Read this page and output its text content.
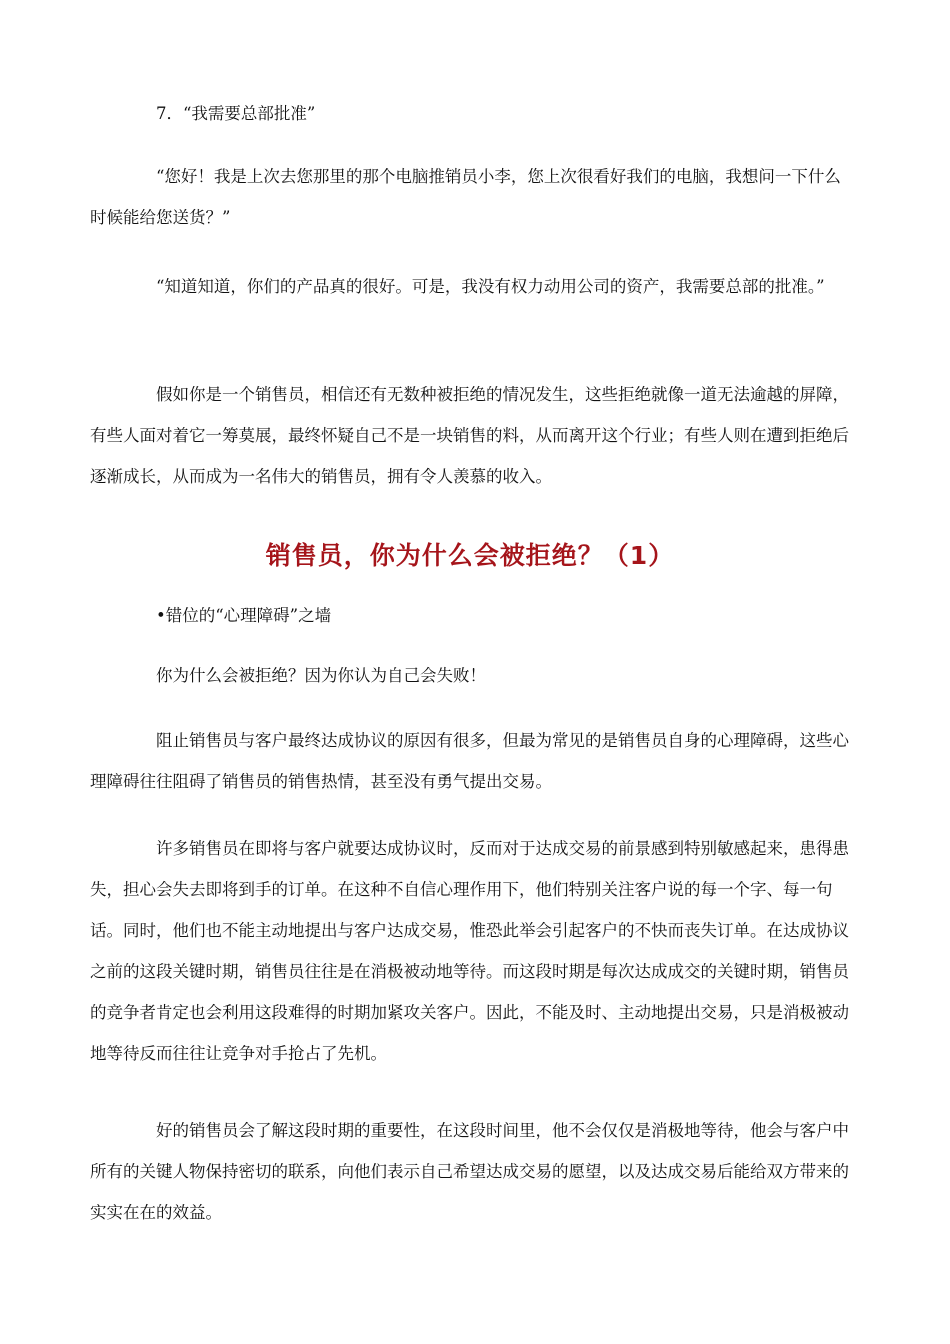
7．“我需要总部批准”

“您好！我是上次去您那里的那个电脑推销员小李，您上次很看好我们的电脑，我想问一下什么时候能给您送货？”

“知道知道，你们的产品真的很好。可是，我没有权力动用公司的资产，我需要总部的批准。”

假如你是一个销售员，相信还有无数种被拒绝的情况发生，这些拒绝就像一道无法逾越的屏障，有些人面对着它一筹莫展，最终怀疑自己不是一块销售的料，从而离开这个行业；有些人则在遭到拒绝后逐渐成长，从而成为一名伟大的销售员，拥有令人羡慕的收入。

销售员，你为什么会被拒绝？（1）

•错位的“心理障碍”之墙

你为什么会被拒绝？因为你认为自己会失败！

阻止销售员与客户最终达成协议的原因有很多，但最为常见的是销售员自身的心理障碍，这些心理障碍往往阻碍了销售员的销售热情，甚至没有勇气提出交易。

许多销售员在即将与客户就要达成协议时，反而对于达成交易的前景感到特别敏感起来，患得患失，担心会失去即将到手的订单。在这种不自信心理作用下，他们特别关注客户说的每一个字、每一句话。同时，他们也不能主动地提出与客户达成交易，惟恐此举会引起客户的不快而丧失订单。在达成协议之前的这段关键时期，销售员往往是在消极被动地等待。而这段时期是每次达成成交的关键时期，销售员的竞争者肯定也会利用这段难得的时期加紧攻关客户。因此，不能及时、主动地提出交易，只是消极被动地等待反而往往让竞争对手抢占了先机。

好的销售员会了解这段时期的重要性，在这段时间里，他不会仅仅是消极地等待，他会与客户中所有的关键人物保持密切的联系，向他们表示自己希望达成交易的愿望，以及达成交易后能给双方带来的实实在在的效益。
